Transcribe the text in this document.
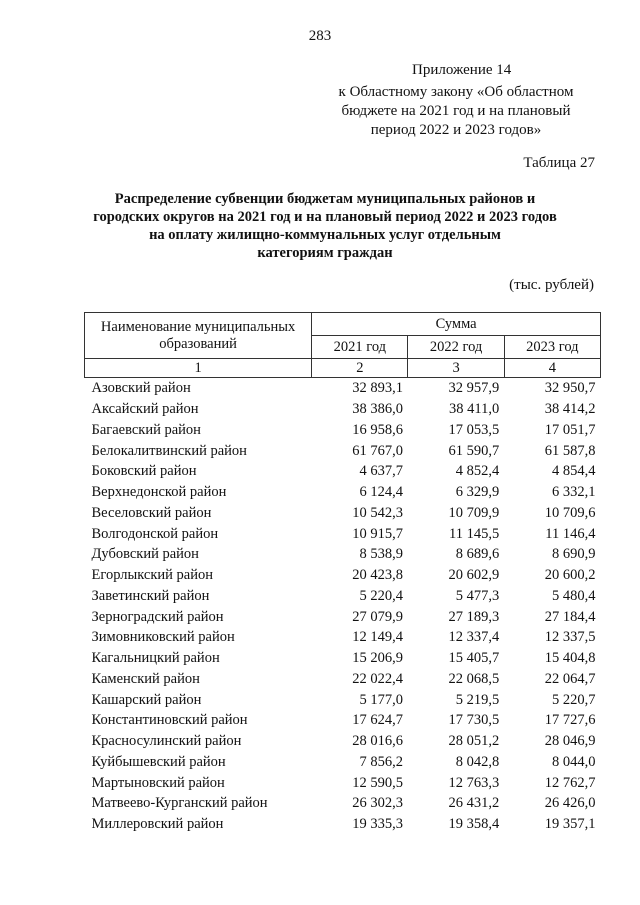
283
Приложение 14
к Областному закону «Об областном
бюджете на 2021 год и на плановый
период 2022 и 2023 годов»
Таблица 27
Распределение субвенции бюджетам муниципальных районов и
городских округов на 2021 год и на плановый период 2022 и 2023 годов
на оплату жилищно-коммунальных услуг отдельным
категориям граждан
(тыс. рублей)
Наименование муниципальных
образований	Сумма		
	2021 год	2022 год	2023 год
1	2	3	4
Азовский район	32 893,1	32 957,9	32 950,7
Аксайский район	38 386,0	38 411,0	38 414,2
Багаевский район	16 958,6	17 053,5	17 051,7
Белокалитвинский район	61 767,0	61 590,7	61 587,8
Боковский район	4 637,7	4 852,4	4 854,4
Верхнедонской район	6 124,4	6 329,9	6 332,1
Веселовский район	10 542,3	10 709,9	10 709,6
Волгодонской район	10 915,7	11 145,5	11 146,4
Дубовский район	8 538,9	8 689,6	8 690,9
Егорлыкский район	20 423,8	20 602,9	20 600,2
Заветинский район	5 220,4	5 477,3	5 480,4
Зерноградский район	27 079,9	27 189,3	27 184,4
Зимовниковский район	12 149,4	12 337,4	12 337,5
Кагальницкий район	15 206,9	15 405,7	15 404,8
Каменский район	22 022,4	22 068,5	22 064,7
Кашарский район	5 177,0	5 219,5	5 220,7
Константиновский район	17 624,7	17 730,5	17 727,6
Красносулинский район	28 016,6	28 051,2	28 046,9
Куйбышевский район	7 856,2	8 042,8	8 044,0
Мартыновский район	12 590,5	12 763,3	12 762,7
Матвеево-Курганский район	26 302,3	26 431,2	26 426,0
Миллеровский район	19 335,3	19 358,4	19 357,1
